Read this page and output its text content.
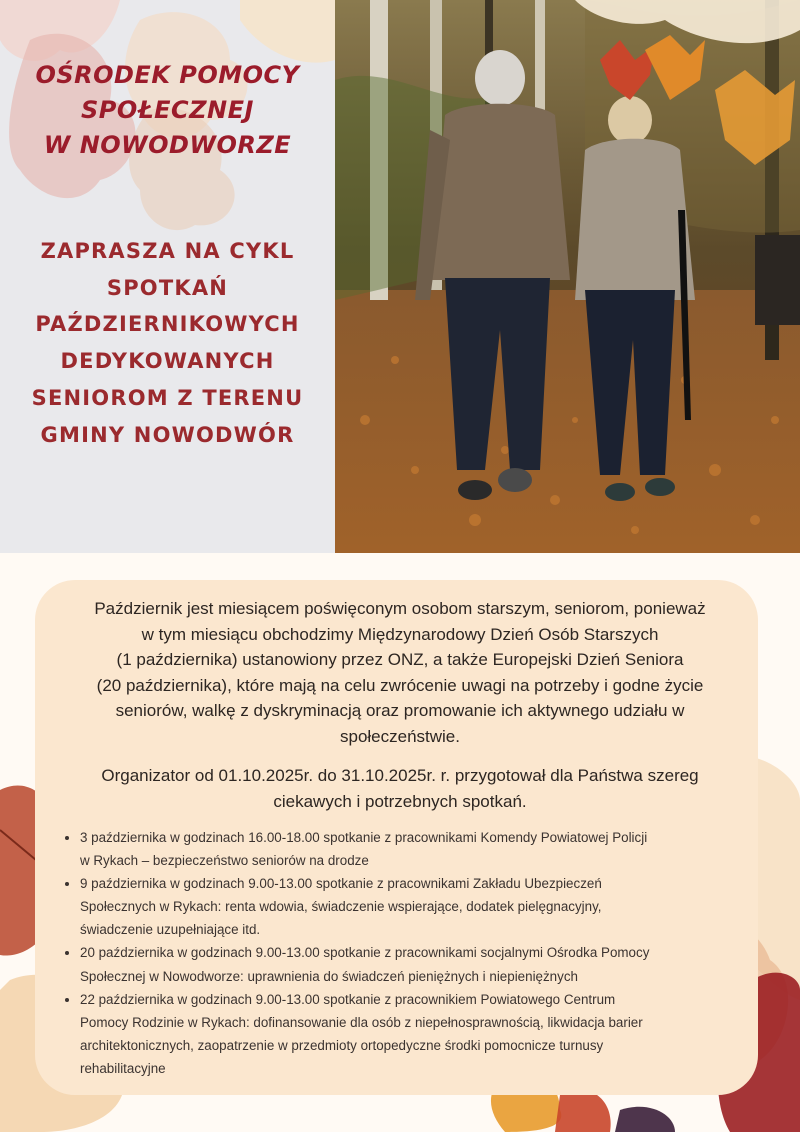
OŚRODEK POMOCY
SPOŁECZNEJ
W NOWODWORZE
ZAPRASZA NA CYKL
SPOTKAŃ
PAŹDZIERNIKOWYCH
DEDYKOWANYCH
SENIOROM Z TERENU
GMINY NOWODWÓR
Październik jest miesiącem poświęconym osobom starszym, seniorom, ponieważ
w tym miesiącu obchodzimy Międzynarodowy Dzień Osób Starszych
(1 października) ustanowiony przez ONZ, a także Europejski Dzień Seniora
(20 października), które mają na celu zwrócenie uwagi na potrzeby i godne życie
seniorów, walkę z dyskryminacją oraz promowanie ich aktywnego udziału w
społeczeństwie.
Organizator od 01.10.2025r. do 31.10.2025r. r. przygotował dla Państwa szereg
ciekawych i potrzebnych spotkań.
• 3 października w godzinach 16.00-18.00 spotkanie z pracownikami Komendy Powiatowej Policji
w Rykach – bezpieczeństwo seniorów na drodze
• 9 października w godzinach 9.00-13.00 spotkanie z pracownikami Zakładu Ubezpieczeń
Społecznych w Rykach: renta wdowia, świadczenie wspierające, dodatek pielęgnacyjny,
świadczenie uzupełniające itd.
• 20 października w godzinach 9.00-13.00 spotkanie z pracownikami socjalnymi Ośrodka Pomocy
Społecznej w Nowodworze: uprawnienia do świadczeń pieniężnych i niepieniężnych
• 22 października w godzinach 9.00-13.00 spotkanie z pracownikiem Powiatowego Centrum
Pomocy Rodzinie w Rykach: dofinansowanie dla osób z niepełnosprawnością, likwidacja barier
architektonicznych, zaopatrzenie w przedmioty ortopedyczne środki pomocnicze turnusy
rehabilitacyjne
